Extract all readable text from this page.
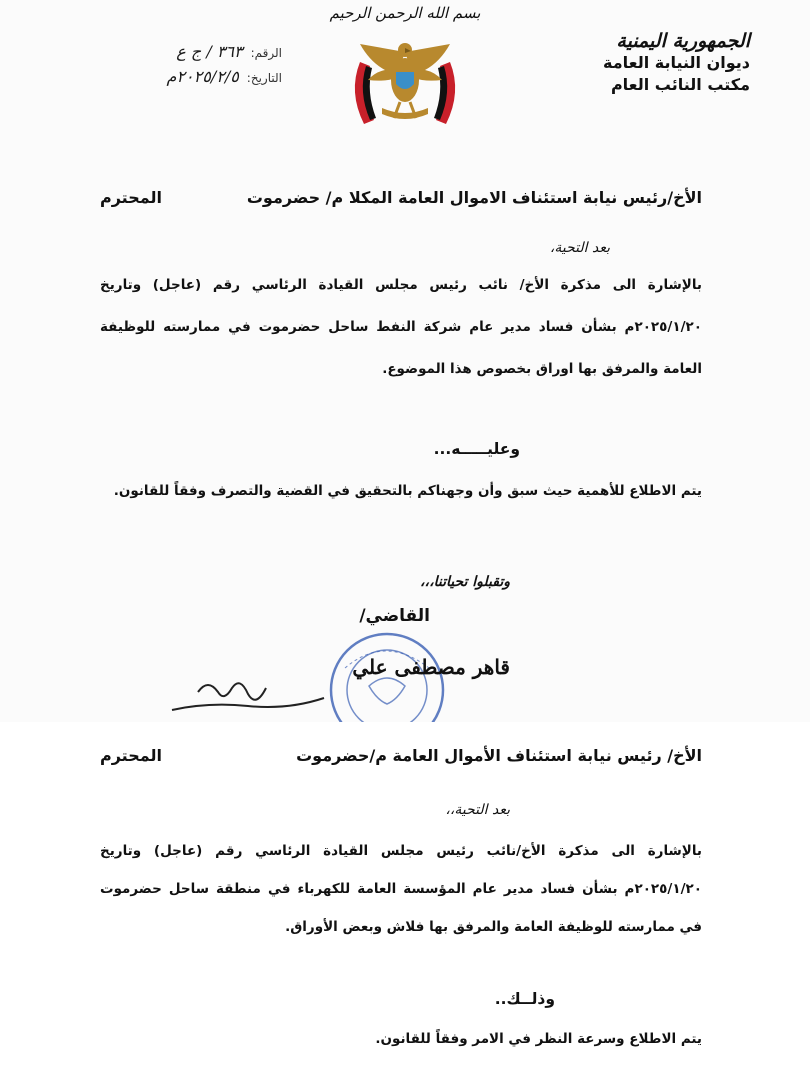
الجمهورية اليمنية
ديوان النيابة العامة
مكتب النائب العام
بسم الله الرحمن الرحيم
الرقم:
٣٦٣ / ج ع
التاريخ:
٢٠٢٥/٢/٥م
الأخ/رئيس نيابة استئناف الاموال العامة المكلا م/ حضرموت
المحترم
بعد التحية،
بالإشارة الى مذكرة الأخ/ نائب رئيس مجلس القيادة الرئاسي رقم (عاجل) وتاريخ ٢٠٢٥/١/٢٠م بشأن فساد مدير عام شركة النفط ساحل حضرموت في ممارسته للوظيفة العامة والمرفق بها اوراق بخصوص هذا الموضوع.
وعليـــــه...
يتم الاطلاع للأهمية حيث سبق وأن وجهناكم بالتحقيق في القضية والتصرف وفقاً للقانون.
وتقبلوا تحياتنا،،،
القاضي/
قاهر مصطفى علي
الأخ/ رئيس نيابة استئناف الأموال العامة م/حضرموت
المحترم
بعد التحية،،
بالإشارة الى مذكرة الأخ/نائب رئيس مجلس القيادة الرئاسي رقم (عاجل) وتاريخ ٢٠٢٥/١/٢٠م بشأن فساد مدير عام المؤسسة العامة للكهرباء في منطقة ساحل حضرموت في ممارسته للوظيفة العامة والمرفق بها فلاش وبعض الأوراق.
وذلــك..
يتم الاطلاع وسرعة النظر في الامر وفقاً للقانون.
